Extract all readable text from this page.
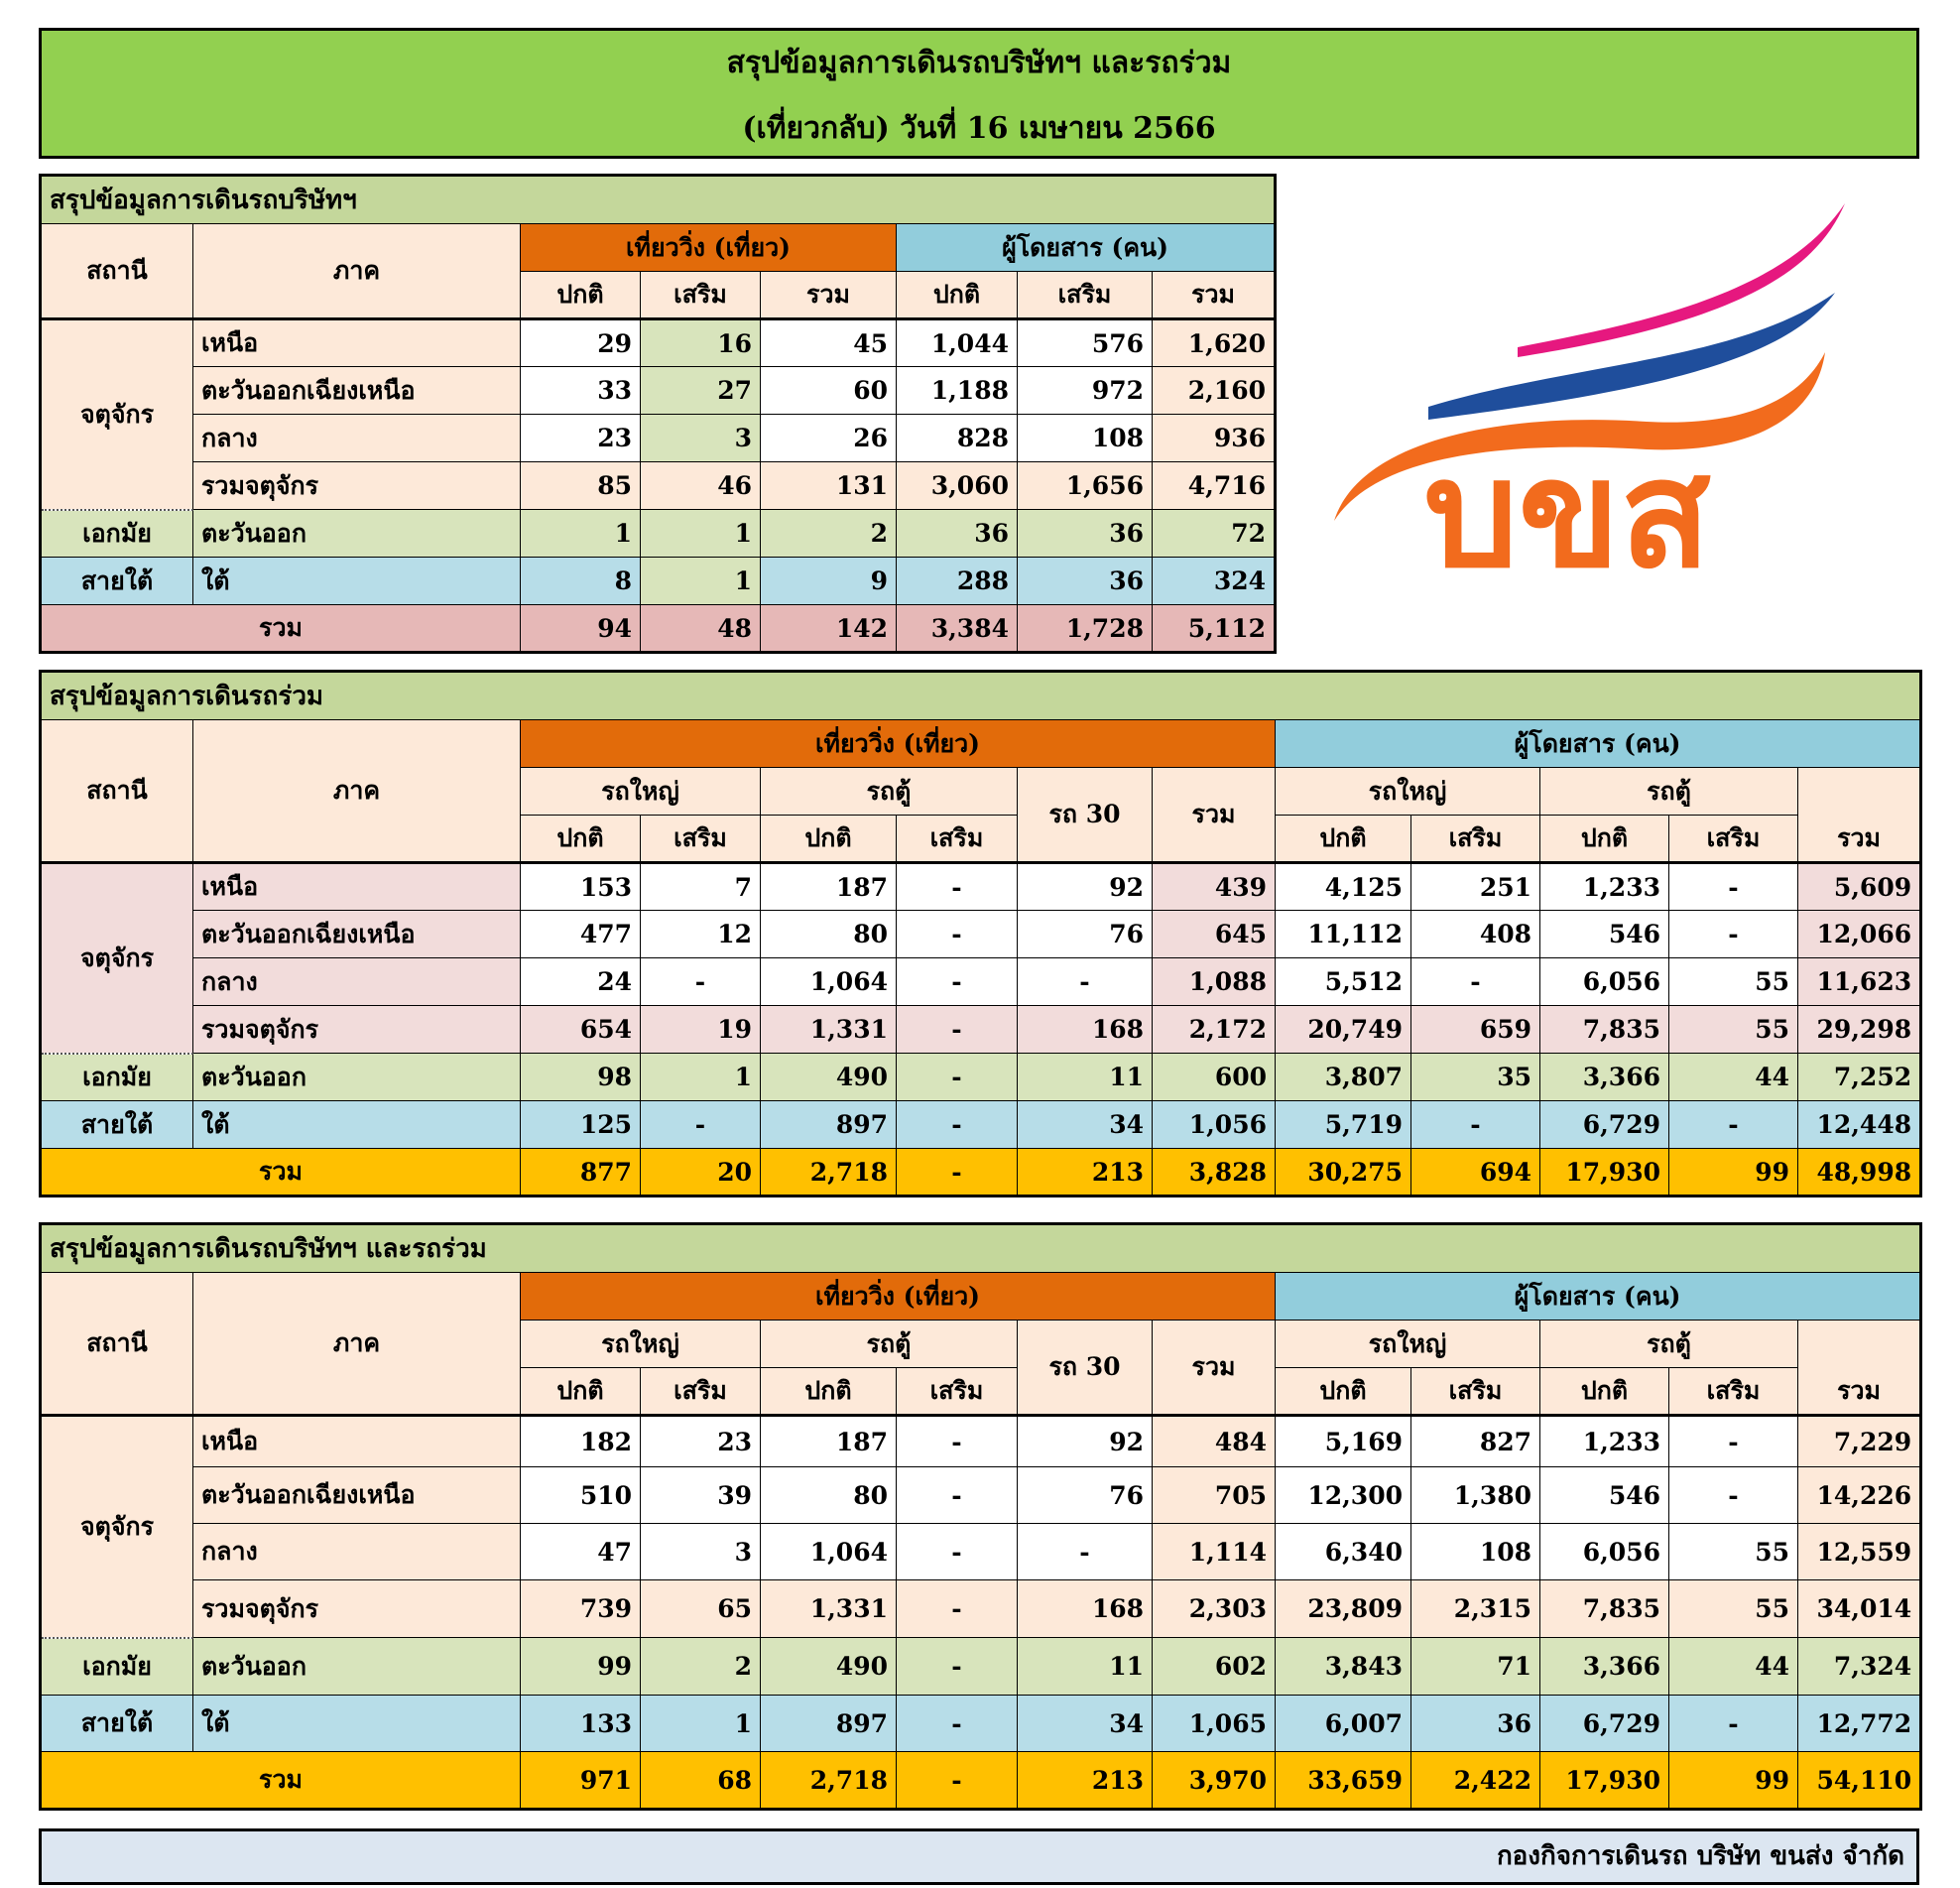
สรุปข้อมูลการเดินรถบริษัทฯ และรถร่วม
(เที่ยวกลับ) วันที่ 16 เมษายน 2566
บขส
สรุปข้อมูลการเดินรถบริษัทฯ							
สถานี	ภาค	เที่ยววิ่ง (เที่ยว)			ผู้โดยสาร (คน)		
		ปกติ	เสริม	รวม	ปกติ	เสริม	รวม
จตุจักร	เหนือ	29	16	45	1,044	576	1,620
	ตะวันออกเฉียงเหนือ	33	27	60	1,188	972	2,160
	กลาง	23	3	26	828	108	936
	รวมจตุจักร	85	46	131	3,060	1,656	4,716
เอกมัย	ตะวันออก	1	1	2	36	36	72
สายใต้	ใต้	8	1	9	288	36	324
รวม		94	48	142	3,384	1,728	5,112
สรุปข้อมูลการเดินรถร่วม												
สถานี	ภาค	เที่ยววิ่ง (เที่ยว)						ผู้โดยสาร (คน)				
		รถใหญ่		รถตู้		รถ 30	รวม	รถใหญ่		รถตู้		
		ปกติ	เสริม	ปกติ	เสริม			ปกติ	เสริม	ปกติ	เสริม	รวม
จตุจักร	เหนือ	153	7	187	-	92	439	4,125	251	1,233	-	5,609
	ตะวันออกเฉียงเหนือ	477	12	80	-	76	645	11,112	408	546	-	12,066
	กลาง	24	-	1,064	-	-	1,088	5,512	-	6,056	55	11,623
	รวมจตุจักร	654	19	1,331	-	168	2,172	20,749	659	7,835	55	29,298
เอกมัย	ตะวันออก	98	1	490	-	11	600	3,807	35	3,366	44	7,252
สายใต้	ใต้	125	-	897	-	34	1,056	5,719	-	6,729	-	12,448
รวม		877	20	2,718	-	213	3,828	30,275	694	17,930	99	48,998
สรุปข้อมูลการเดินรถบริษัทฯ และรถร่วม												
สถานี	ภาค	เที่ยววิ่ง (เที่ยว)						ผู้โดยสาร (คน)				
		รถใหญ่		รถตู้		รถ 30	รวม	รถใหญ่		รถตู้		
		ปกติ	เสริม	ปกติ	เสริม			ปกติ	เสริม	ปกติ	เสริม	รวม
จตุจักร	เหนือ	182	23	187	-	92	484	5,169	827	1,233	-	7,229
	ตะวันออกเฉียงเหนือ	510	39	80	-	76	705	12,300	1,380	546	-	14,226
	กลาง	47	3	1,064	-	-	1,114	6,340	108	6,056	55	12,559
	รวมจตุจักร	739	65	1,331	-	168	2,303	23,809	2,315	7,835	55	34,014
เอกมัย	ตะวันออก	99	2	490	-	11	602	3,843	71	3,366	44	7,324
สายใต้	ใต้	133	1	897	-	34	1,065	6,007	36	6,729	-	12,772
รวม		971	68	2,718	-	213	3,970	33,659	2,422	17,930	99	54,110
กองกิจการเดินรถ บริษัท ขนส่ง จำกัด
